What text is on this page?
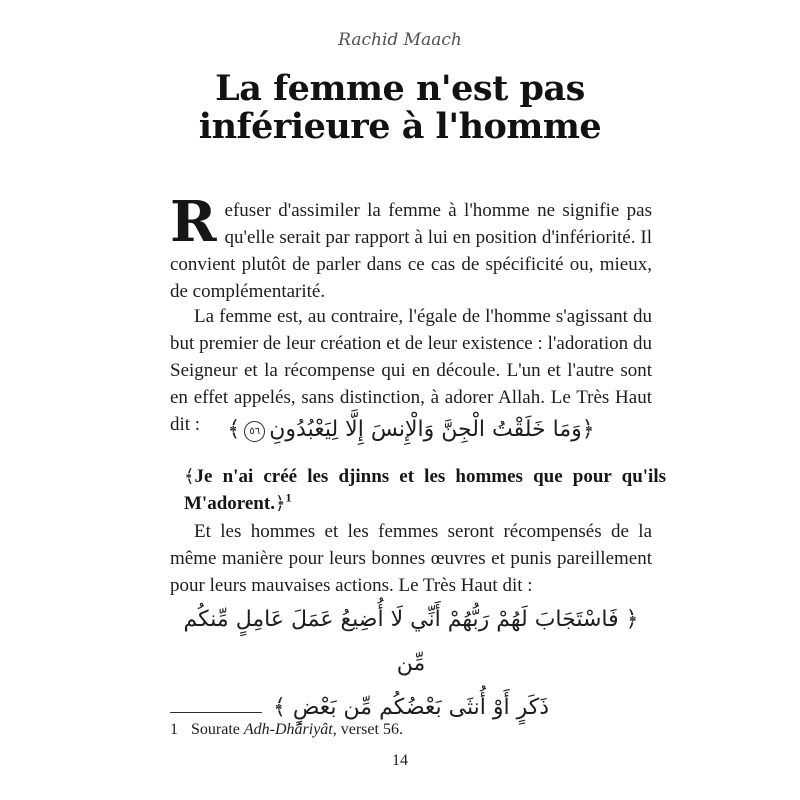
Rachid Maach
La femme n'est pas
inférieure à l'homme

Refuser d'assimiler la femme à l'homme ne signifie pas qu'elle serait par rapport à lui en position d'infériorité. Il convient plutôt de parler dans ce cas de spécificité ou, mieux, de complémentarité.

La femme est, au contraire, l'égale de l'homme s'agissant du but premier de leur création et de leur existence : l'adoration du Seigneur et la récompense qui en découle. L'un et l'autre sont en effet appelés, sans distinction, à adorer Allah. Le Très Haut dit :	﴿وَمَا خَلَقْتُ الْجِنَّ وَالْإِنسَ إِلَّا لِيَعْبُدُونِ٥٦﴾

﴾Je n'ai créé les djinns et les hommes que pour qu'ils M'adorent.﴿$^1$

Et les hommes et les femmes seront récompensés de la même manière pour leurs bonnes œuvres et punis pareillement pour leurs mauvaises actions. Le Très Haut dit :

﴿ فَاسْتَجَابَ لَهُمْ رَبُّهُمْ أَنِّي لَا أُضِيعُ عَمَلَ عَامِلٍ مِّنكُم مِّن
ذَكَرٍ أَوْ أُنثَى بَعْضُكُم مِّن بَعْضٍ ﴾

1 Sourate Adh-Dhâriyât, verset 56.

14
